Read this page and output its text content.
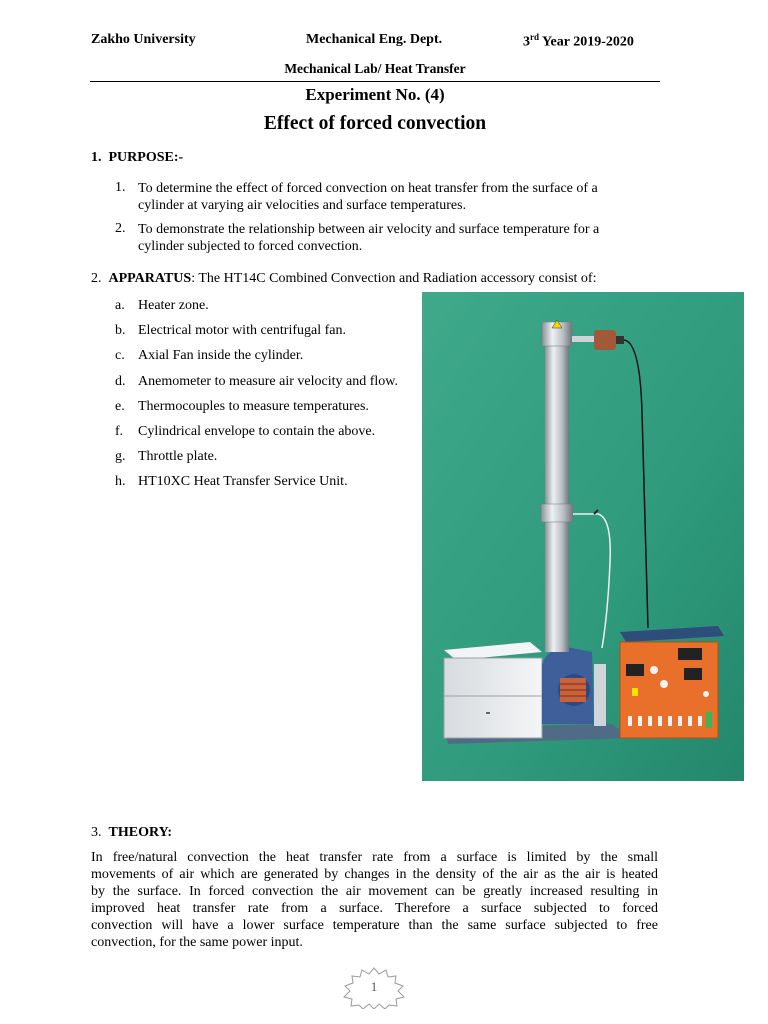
Zakho University	Mechanical Eng. Dept.	3rd Year 2019-2020
Mechanical Lab/ Heat Transfer
Experiment No. (4)
Effect of forced convection
1. PURPOSE:-
1. To determine the effect of forced convection on heat transfer from the surface of a
cylinder at varying air velocities and surface temperatures.
2. To demonstrate the relationship between air velocity and surface temperature for a
cylinder subjected to forced convection.
2. APPARATUS: The HT14C Combined Convection and Radiation accessory consist of:
a. Heater zone.
b. Electrical motor with centrifugal fan.
c. Axial Fan inside the cylinder.
d. Anemometer to measure air velocity and flow.
e. Thermocouples to measure temperatures.
f. Cylindrical envelope to contain the above.
g. Throttle plate.
h. HT10XC Heat Transfer Service Unit.
3. THEORY:
In free/natural convection the heat transfer rate from a surface is limited by the small
movements of air which are generated by changes in the density of the air as the air is heated
by the surface. In forced convection the air movement can be greatly increased resulting in
improved heat transfer rate from a surface. Therefore a surface subjected to forced
convection will have a lower surface temperature than the same surface subjected to free
convection, for the same power input.
1
